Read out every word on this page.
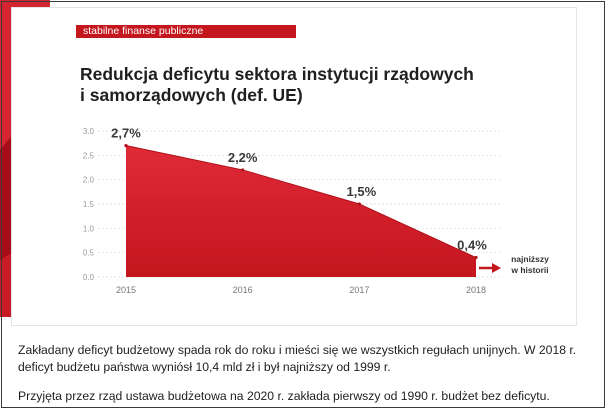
stabilne finanse publiczne
Redukcja deficytu sektora instytucji rządowych
i samorządowych (def. UE)
0.0
0.5
1.0
1.5
2.0
2.5
3.0
2015	2016	2017	2018
2,7%
2,2%
1,5%
0,4%
najniższy
w historii
Zakładany deficyt budżetowy spada rok do roku i mieści się we wszystkich regułach unijnych. W 2018 r. deficyt budżetu państwa wyniósł 10,4 mld zł i był najniższy od 1999 r.
Przyjęta przez rząd ustawa budżetowa na 2020 r. zakłada pierwszy od 1990 r. budżet bez deficytu.
